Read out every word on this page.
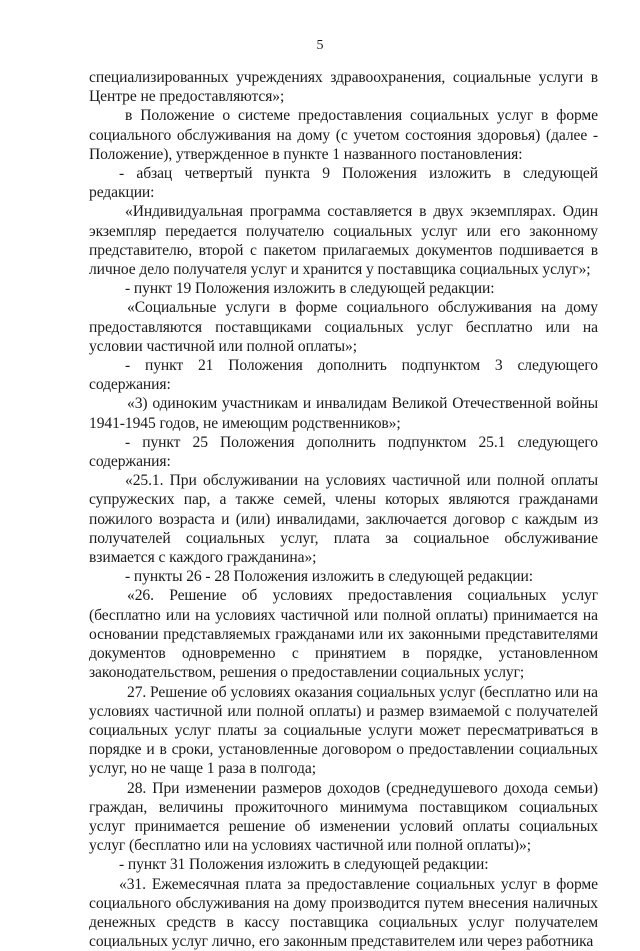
5

специализированных учреждениях здравоохранения, социальные услуги в Центре не предоставляются»;

в Положение о системе предоставления социальных услуг в форме социального обслуживания на дому (с учетом состояния здоровья) (далее - Положение), утвержденное в пункте 1 названного постановления:

- абзац четвертый пункта 9 Положения изложить в следующей редакции:

«Индивидуальная программа составляется в двух экземплярах. Один экземпляр передается получателю социальных услуг или его законному представителю, второй с пакетом прилагаемых документов подшивается в личное дело получателя услуг и хранится у поставщика социальных услуг»;

- пункт 19 Положения изложить в следующей редакции:

«Социальные услуги в форме социального обслуживания на дому предоставляются поставщиками социальных услуг бесплатно или на условии частичной или полной оплаты»;

- пункт 21 Положения дополнить подпунктом 3 следующего содержания:

«3) одиноким участникам и инвалидам Великой Отечественной войны 1941-1945 годов, не имеющим родственников»;

- пункт 25 Положения дополнить подпунктом 25.1 следующего содержания:

«25.1. При обслуживании на условиях частичной или полной оплаты супружеских пар, а также семей, члены которых являются гражданами пожилого возраста и (или) инвалидами, заключается договор с каждым из получателей социальных услуг, плата за социальное обслуживание взимается с каждого гражданина»;

- пункты 26 - 28 Положения изложить в следующей редакции:

«26. Решение об условиях предоставления социальных услуг (бесплатно или на условиях частичной или полной оплаты) принимается на основании представляемых гражданами или их законными представителями документов одновременно с принятием в порядке, установленном законодательством, решения о предоставлении социальных услуг;

27. Решение об условиях оказания социальных услуг (бесплатно или на условиях частичной или полной оплаты) и размер взимаемой с получателей социальных услуг платы за социальные услуги может пересматриваться в порядке и в сроки, установленные договором о предоставлении социальных услуг, но не чаще 1 раза в полгода;

28. При изменении размеров доходов (среднедушевого дохода семьи) граждан, величины прожиточного минимума поставщиком социальных услуг принимается решение об изменении условий оплаты социальных услуг (бесплатно или на условиях частичной или полной оплаты)»;

- пункт 31 Положения изложить в следующей редакции:

«31. Ежемесячная плата за предоставление социальных услуг в форме социального обслуживания на дому производится путем внесения наличных денежных средств в кассу поставщика социальных услуг получателем социальных услуг лично, его законным представителем или через работника
